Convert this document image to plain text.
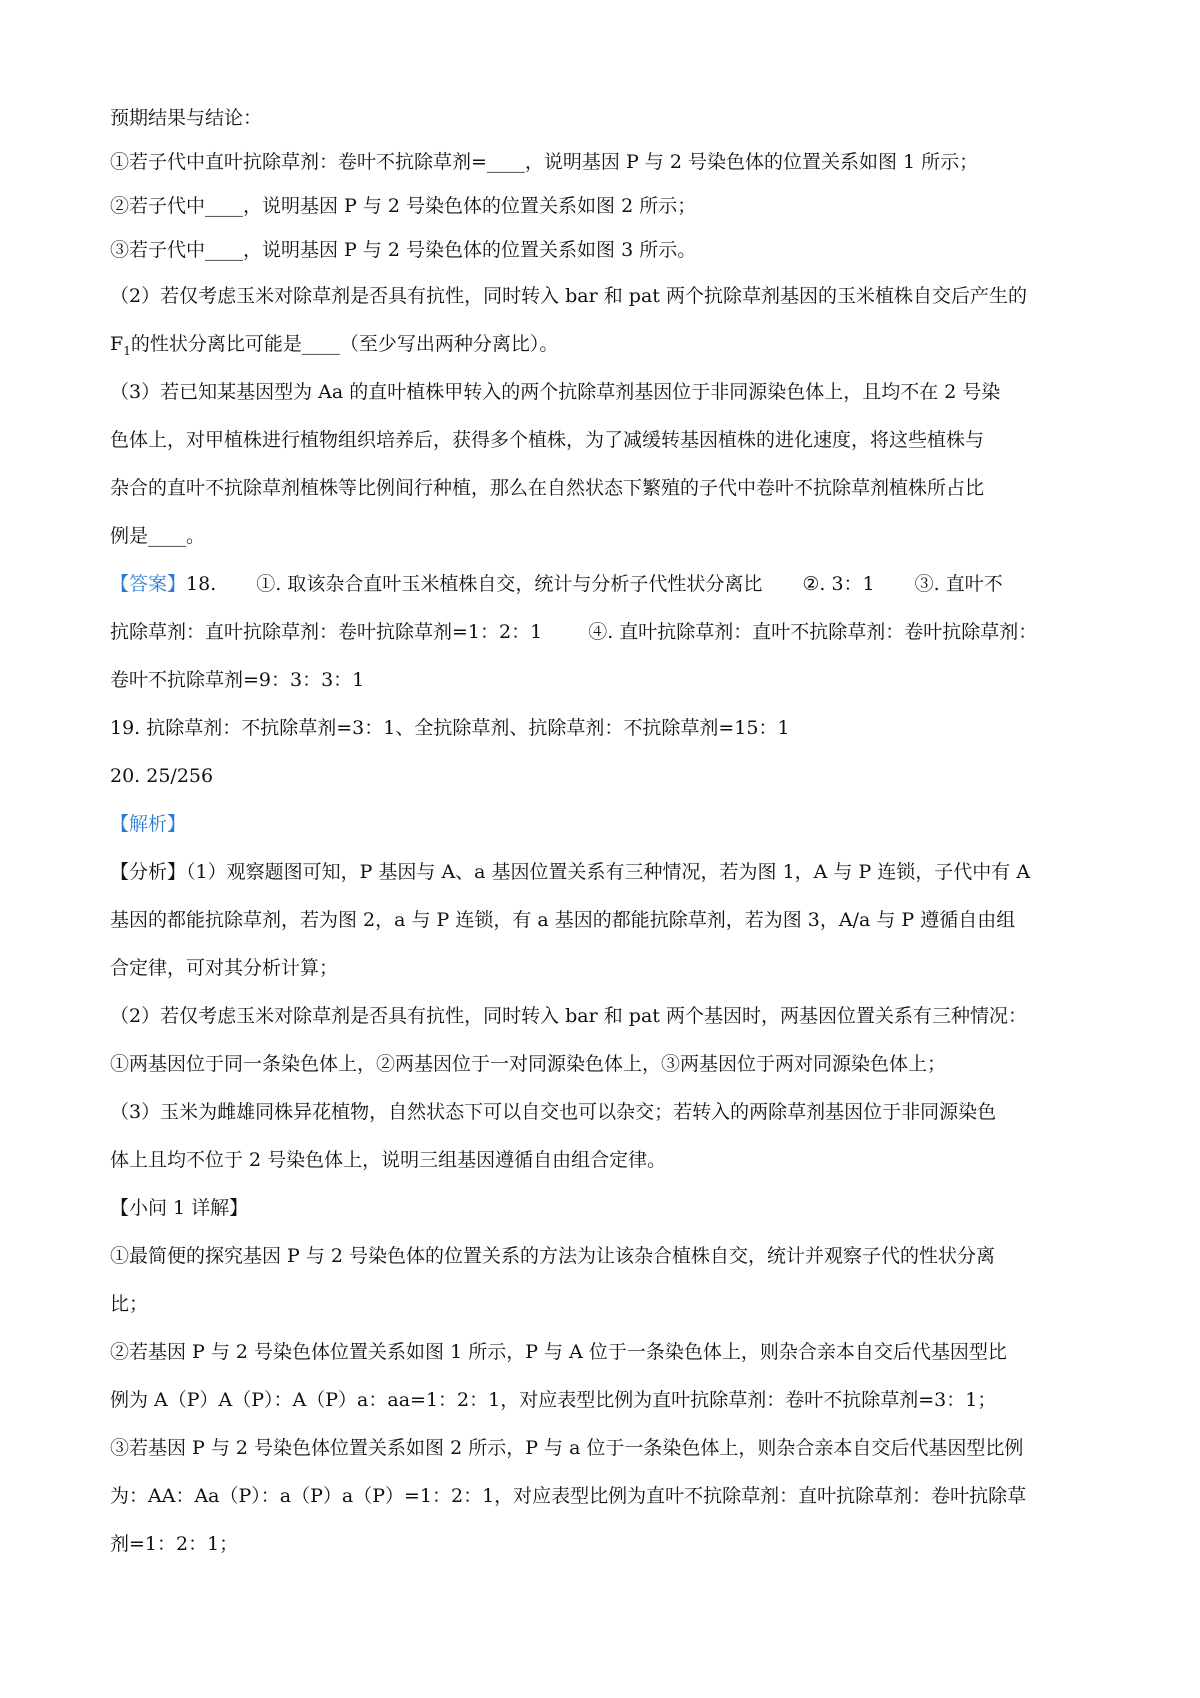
预期结果与结论：
①若子代中直叶抗除草剂：卷叶不抗除草剂=____，说明基因 P 与 2 号染色体的位置关系如图 1 所示；
②若子代中____，说明基因 P 与 2 号染色体的位置关系如图 2 所示；
③若子代中____，说明基因 P 与 2 号染色体的位置关系如图 3 所示。
（2）若仅考虑玉米对除草剂是否具有抗性，同时转入 bar 和 pat 两个抗除草剂基因的玉米植株自交后产生的
$F_1$的性状分离比可能是____（至少写出两种分离比）。
（3）若已知某基因型为 Aa 的直叶植株甲转入的两个抗除草剂基因位于非同源染色体上，且均不在 2 号染
色体上，对甲植株进行植物组织培养后，获得多个植株，为了减缓转基因植株的进化速度，将这些植株与
杂合的直叶不抗除草剂植株等比例间行种植，那么在自然状态下繁殖的子代中卷叶不抗除草剂植株所占比
例是____。
【答案】18. ①. 取该杂合直叶玉米植株自交，统计与分析子代性状分离比 ②. 3：1 ③. 直叶不
抗除草剂：直叶抗除草剂：卷叶抗除草剂=1：2：1 ④. 直叶抗除草剂：直叶不抗除草剂：卷叶抗除草剂：
卷叶不抗除草剂=9：3：3：1
19. 抗除草剂：不抗除草剂=3：1、全抗除草剂、抗除草剂：不抗除草剂=15：1
20. 25/256
【解析】
【分析】（1）观察题图可知，P 基因与 A、a 基因位置关系有三种情况，若为图 1，A 与 P 连锁，子代中有 A
基因的都能抗除草剂，若为图 2，a 与 P 连锁，有 a 基因的都能抗除草剂，若为图 3，A/a 与 P 遵循自由组
合定律，可对其分析计算；
（2）若仅考虑玉米对除草剂是否具有抗性，同时转入 bar 和 pat 两个基因时，两基因位置关系有三种情况：
①两基因位于同一条染色体上，②两基因位于一对同源染色体上，③两基因位于两对同源染色体上；
（3）玉米为雌雄同株异花植物，自然状态下可以自交也可以杂交；若转入的两除草剂基因位于非同源染色
体上且均不位于 2 号染色体上，说明三组基因遵循自由组合定律。
【小问 1 详解】
①最简便的探究基因 P 与 2 号染色体的位置关系的方法为让该杂合植株自交，统计并观察子代的性状分离
比；
②若基因 P 与 2 号染色体位置关系如图 1 所示，P 与 A 位于一条染色体上，则杂合亲本自交后代基因型比
例为 A（P）A（P）：A（P）a：aa=1：2：1，对应表型比例为直叶抗除草剂：卷叶不抗除草剂=3：1；
③若基因 P 与 2 号染色体位置关系如图 2 所示，P 与 a 位于一条染色体上，则杂合亲本自交后代基因型比例
为：AA：Aa（P）：a（P）a（P）=1：2：1，对应表型比例为直叶不抗除草剂：直叶抗除草剂：卷叶抗除草
剂=1：2：1；
